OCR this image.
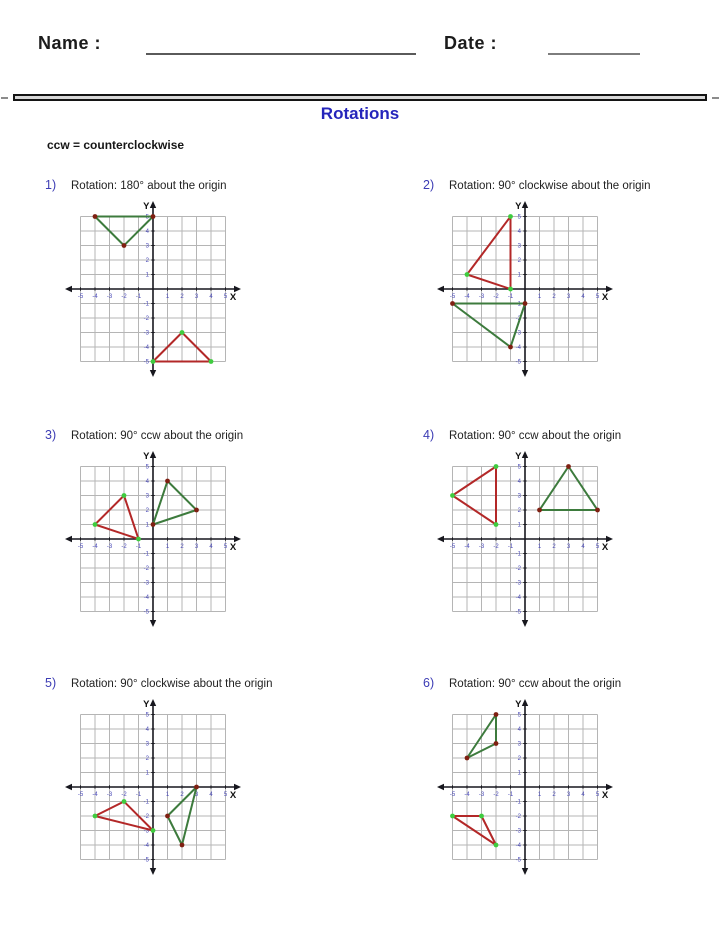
Name :	Date :
Rotations
ccw = counterclockwise
1) Rotation: 180° about the origin
Y
X
-5 -4 -3 -2 -1	1 2 3 4 5
-5
-4
-3
-2
-1
1
2
3
4
5
2) Rotation: 90° clockwise about the origin
Y
X
-5 -4 -3 -2 -1	1 2 3 4 5
-5
-4
-3
-2
-1
1
2
3
4
5
3) Rotation: 90° ccw about the origin
Y
X
-5 -4 -3 -2 -1	1 2 3 4 5
-5
-4
-3
-2
-1
1
2
3
4
5
4) Rotation: 90° ccw about the origin
Y
X
-5 -4 -3 -2 -1	1 2 3 4 5
-5
-4
-3
-2
-1
1
2
3
4
5
5) Rotation: 90° clockwise about the origin
Y
X
-5 -4 -3 -2 -1	1 2 3 4 5
-5
-4
-3
-2
-1
1
2
3
4
5
6) Rotation: 90° ccw about the origin
Y
X
-5 -4 -3 -2 -1	1 2 3 4 5
-5
-4
-3
-2
-1
1
2
3
4
5
